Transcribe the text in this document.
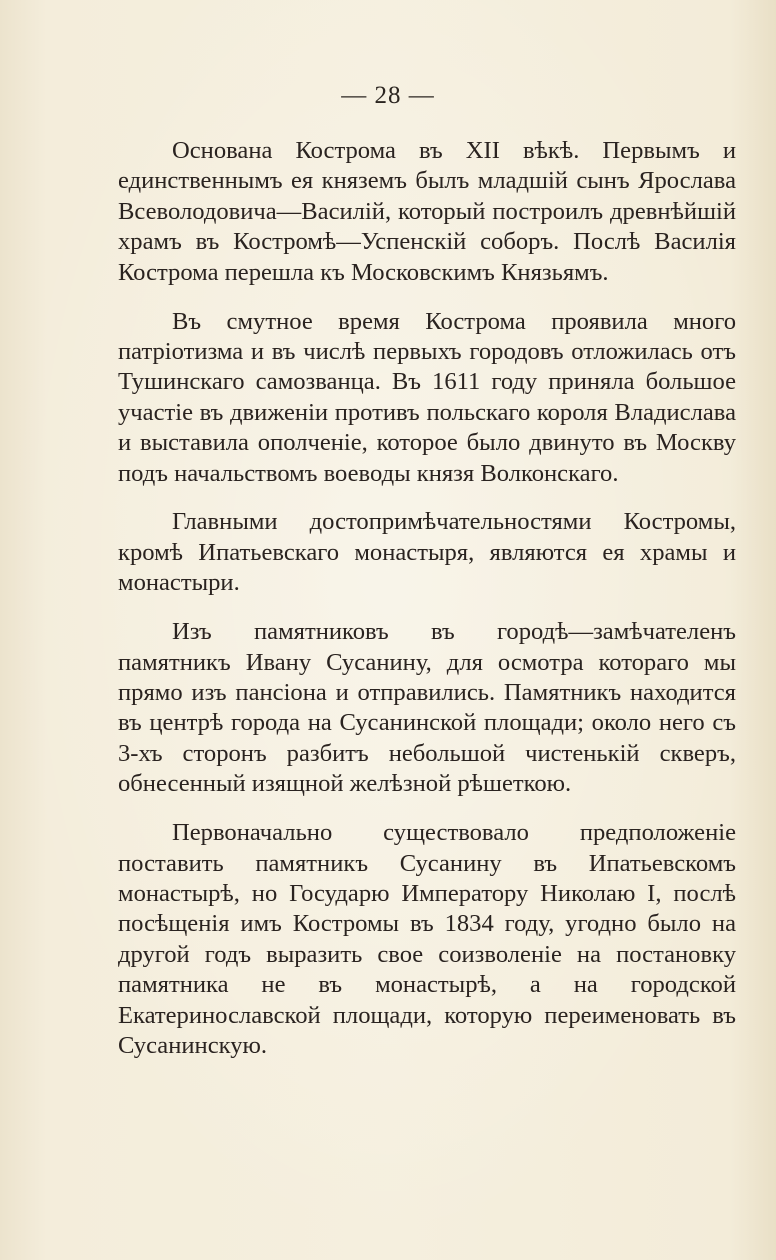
— 28 —

Основана Кострома въ XII вѣкѣ. Первымъ и единственнымъ ея княземъ былъ младшій сынъ Ярослава Всеволодовича—Василій, который построилъ древнѣйшій храмъ въ Костромѣ—Успенскій соборъ. Послѣ Василія Кострома перешла къ Московскимъ Князьямъ.

Въ смутное время Кострома проявила много патріотизма и въ числѣ первыхъ городовъ отложилась отъ Тушинскаго самозванца. Въ 1611 году приняла большое участіе въ движеніи противъ польскаго короля Владислава и выставила ополченіе, которое было двинуто въ Москву подъ начальствомъ воеводы князя Волконскаго.

Главными достопримѣчательностями Костромы, кромѣ Ипатьевскаго монастыря, являются ея храмы и монастыри.

Изъ памятниковъ въ городѣ—замѣчателенъ памятникъ Ивану Сусанину, для осмотра котораго мы прямо изъ пансіона и отправились. Памятникъ находится въ центрѣ города на Сусанинской площади; около него съ 3-хъ сторонъ разбитъ небольшой чистенькій скверъ, обнесенный изящной желѣзной рѣшеткою.

Первоначально существовало предположеніе поставить памятникъ Сусанину въ Ипатьевскомъ монастырѣ, но Государю Императору Николаю I, послѣ посѣщенія имъ Костромы въ 1834 году, угодно было на другой годъ выразить свое соизволеніе на постановку памятника не въ монастырѣ, а на городской Екатеринославской площади, которую переименовать въ Сусанинскую.
